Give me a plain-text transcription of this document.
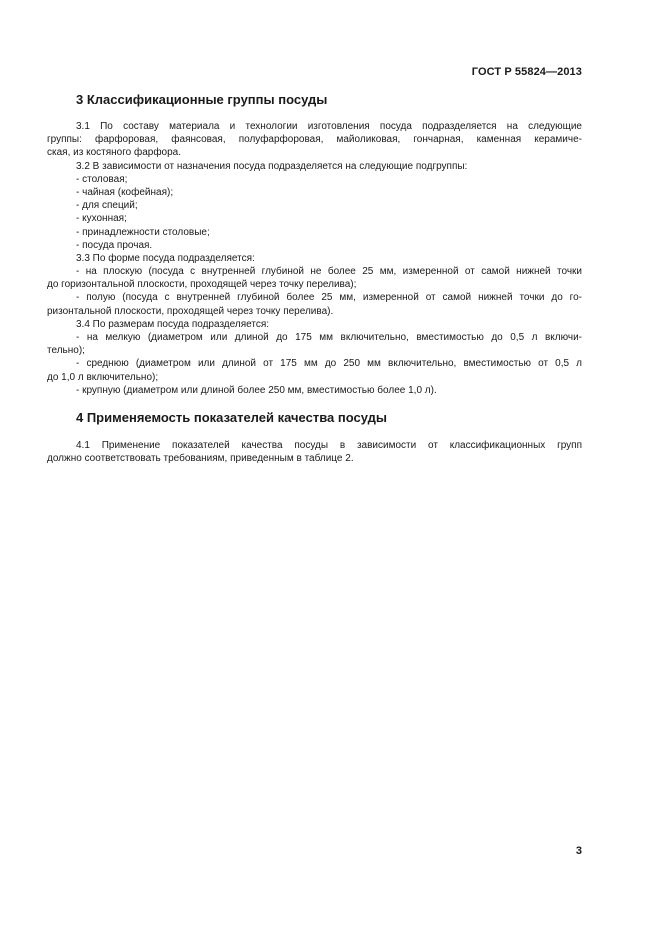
ГОСТ Р 55824—2013
3 Классификационные группы посуды
3.1 По составу материала и технологии изготовления посуда подразделяется на следующие
группы: фарфоровая, фаянсовая, полуфарфоровая, майоликовая, гончарная, каменная керамиче-
ская, из костяного фарфора.
3.2 В зависимости от назначения посуда подразделяется на следующие подгруппы:
- столовая;
- чайная (кофейная);
- для специй;
- кухонная;
- принадлежности столовые;
- посуда прочая.
3.3 По форме посуда подразделяется:
- на плоскую (посуда с внутренней глубиной не более 25 мм, измеренной от самой нижней точки
до горизонтальной плоскости, проходящей через точку перелива);
- полую (посуда с внутренней глубиной более 25 мм, измеренной от самой нижней точки до го-
ризонтальной плоскости, проходящей через точку перелива).
3.4 По размерам посуда подразделяется:
- на мелкую (диаметром или длиной до 175 мм включительно, вместимостью до 0,5 л включи-
тельно);
- среднюю (диаметром или длиной от 175 мм до 250 мм включительно, вместимостью от 0,5 л
до 1,0 л включительно);
- крупную (диаметром или длиной более 250 мм, вместимостью более 1,0 л).
4 Применяемость показателей качества посуды
4.1 Применение показателей качества посуды в зависимости от классификационных групп
должно соответствовать требованиям, приведенным в таблице 2.
3
